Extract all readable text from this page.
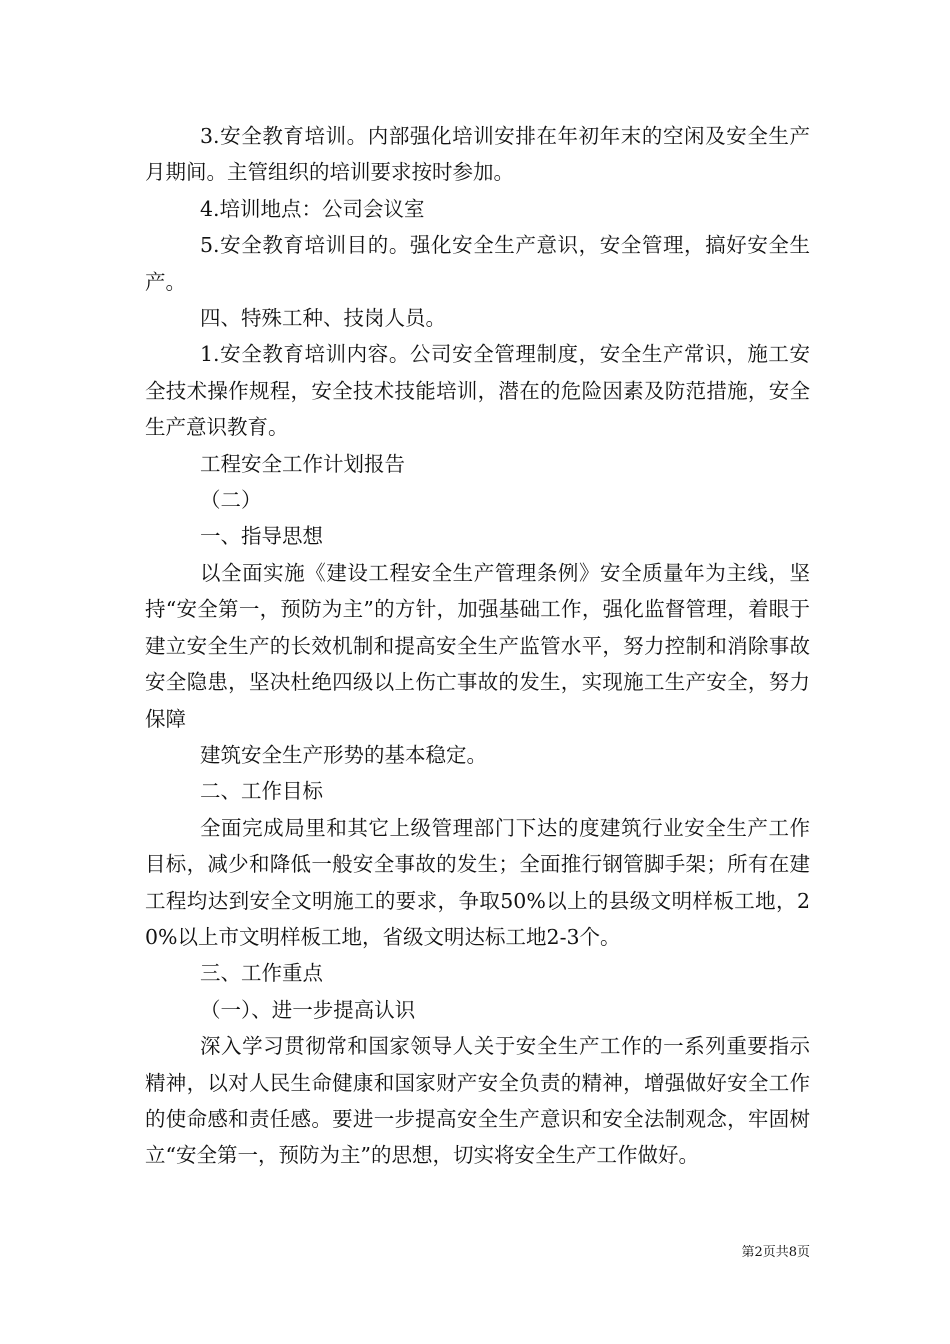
3.安全教育培训。内部强化培训安排在年初年末的空闲及安全生产月期间。主管组织的培训要求按时参加。

4.培训地点：公司会议室

5.安全教育培训目的。强化安全生产意识，安全管理，搞好安全生产。

四、特殊工种、技岗人员。

1.安全教育培训内容。公司安全管理制度，安全生产常识，施工安全技术操作规程，安全技术技能培训，潜在的危险因素及防范措施，安全生产意识教育。

工程安全工作计划报告

（二）

一、指导思想

以全面实施《建设工程安全生产管理条例》安全质量年为主线，坚持“安全第一，预防为主”的方针，加强基础工作，强化监督管理，着眼于建立安全生产的长效机制和提高安全生产监管水平，努力控制和消除事故安全隐患，坚决杜绝四级以上伤亡事故的发生，实现施工生产安全，努力保障

建筑安全生产形势的基本稳定。

二、工作目标

全面完成局里和其它上级管理部门下达的度建筑行业安全生产工作目标，减少和降低一般安全事故的发生；全面推行钢管脚手架；所有在建工程均达到安全文明施工的要求，争取50%以上的县级文明样板工地，20%以上市文明样板工地，省级文明达标工地2-3个。

三、工作重点

（一）、进一步提高认识

深入学习贯彻常和国家领导人关于安全生产工作的一系列重要指示精神，以对人民生命健康和国家财产安全负责的精神，增强做好安全工作的使命感和责任感。要进一步提高安全生产意识和安全法制观念，牢固树立“安全第一，预防为主”的思想，切实将安全生产工作做好。

第2页共8页
